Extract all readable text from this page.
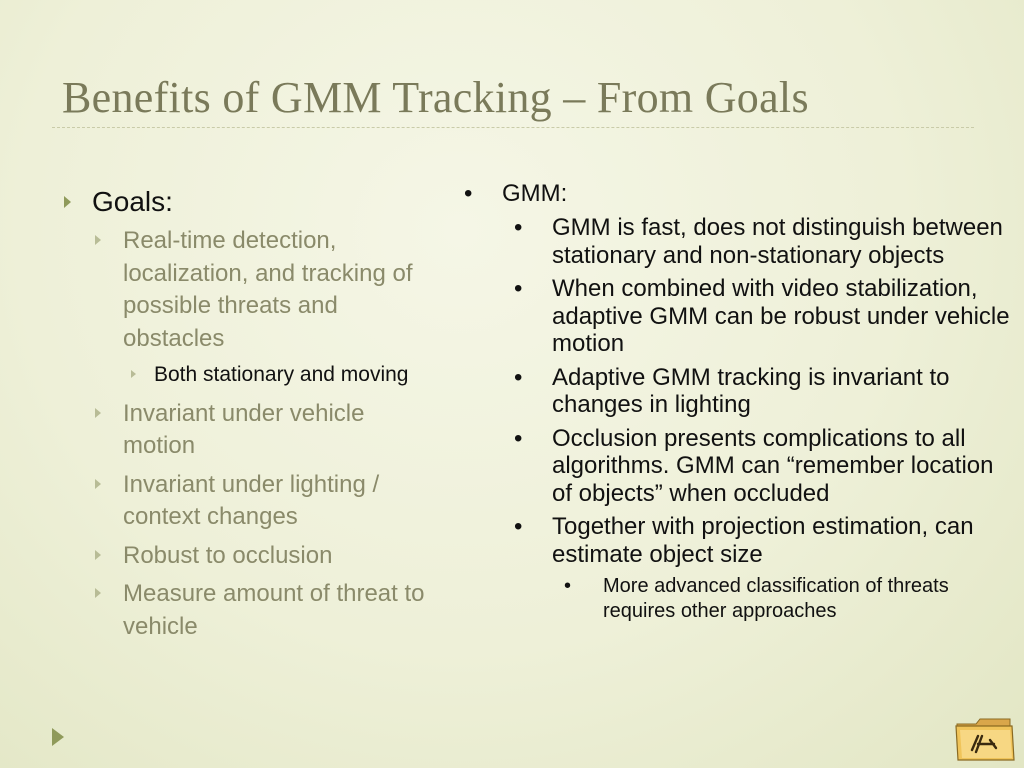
Benefits of GMM Tracking – From Goals
Goals:
Real-time detection, localization, and tracking of possible threats and obstacles
Both stationary and moving
Invariant under vehicle motion
Invariant under lighting / context changes
Robust to occlusion
Measure amount of threat to vehicle
• GMM:
• GMM is fast, does not distinguish between stationary and non-stationary objects
• When combined with video stabilization, adaptive GMM can be robust under vehicle motion
• Adaptive GMM tracking is invariant to changes in lighting
• Occlusion presents complications to all algorithms. GMM can “remember location of objects” when occluded
• Together with projection estimation, can estimate object size
• More advanced classification of threats requires other approaches
